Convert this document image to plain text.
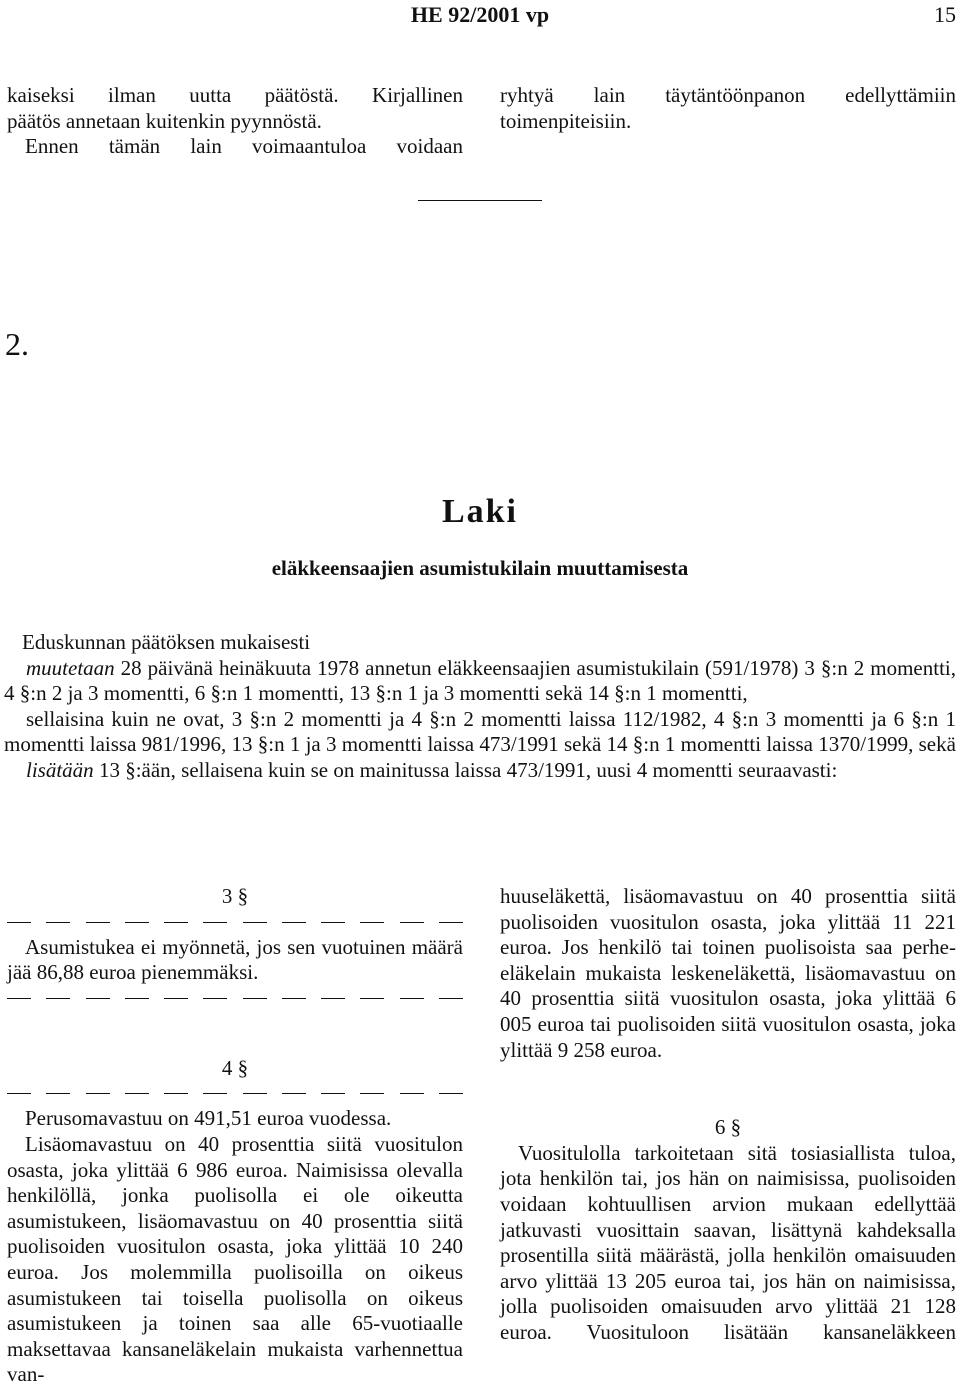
HE 92/2001 vp	15
kaiseksi ilman uutta päätöstä. Kirjallinen
päätös annetaan kuitenkin pyynnöstä.
Ennen tämän lain voimaantuloa voidaan
ryhtyä lain täytäntöönpanon edellyttämiin
toimenpiteisiin.
2.
Laki
eläkkeensaajien asumistukilain muuttamisesta

Eduskunnan päätöksen mukaisesti

muutetaan 28 päivänä heinäkuuta 1978 annetun eläkkeensaajien asumistukilain (591/1978) 3 §:n 2 momentti, 4 §:n 2 ja 3 momentti, 6 §:n 1 momentti, 13 §:n 1 ja 3 momentti sekä 14 §:n 1 momentti,

sellaisina kuin ne ovat, 3 §:n 2 momentti ja 4 §:n 2 momentti laissa 112/1982, 4 §:n 3 momentti ja 6 §:n 1 momentti laissa 981/1996, 13 §:n 1 ja 3 momentti laissa 473/1991 sekä 14 §:n 1 momentti laissa 1370/1999, sekä

lisätään 13 §:ään, sellaisena kuin se on mainitussa laissa 473/1991, uusi 4 momentti seuraavasti:

3 §

Asumistukea ei myönnetä, jos sen vuotuinen määrä jää 86,88 euroa pienemmäksi.

4 §

Perusomavastuu on 491,51 euroa vuodessa.

Lisäomavastuu on 40 prosenttia siitä vuositulon osasta, joka ylittää 6 986 euroa. Naimisissa olevalla henkilöllä, jonka puolisolla ei ole oikeutta asumistukeen, lisäomavastuu on 40 prosenttia siitä puolisoiden vuositulon osasta, joka ylittää 10 240 euroa. Jos molemmilla puolisoilla on oikeus asumistukeen tai toisella puolisolla on oikeus asumistukeen ja toinen saa alle 65-vuotiaalle maksettavaa kansaneläkelain mukaista varhennettua van-

huuseläkettä, lisäomavastuu on 40 prosenttia siitä puolisoiden vuositulon osasta, joka ylittää 11 221 euroa. Jos henkilö tai toinen puolisoista saa perhe-eläkelain mukaista leskeneläkettä, lisäomavastuu on 40 prosenttia siitä vuositulon osasta, joka ylittää 6 005 euroa tai puolisoiden siitä vuositulon osasta, joka ylittää 9 258 euroa.

6 §

Vuositulolla tarkoitetaan sitä tosiasiallista tuloa, jota henkilön tai, jos hän on naimisissa, puolisoiden voidaan kohtuullisen arvion mukaan edellyttää jatkuvasti vuosittain saavan, lisättynä kahdeksalla prosentilla siitä määrästä, jolla henkilön omaisuuden arvo ylittää 13 205 euroa tai, jos hän on naimisissa, jolla puolisoiden omaisuuden arvo ylittää 21 128 euroa. Vuosituloon lisätään kansaneläkkeen
